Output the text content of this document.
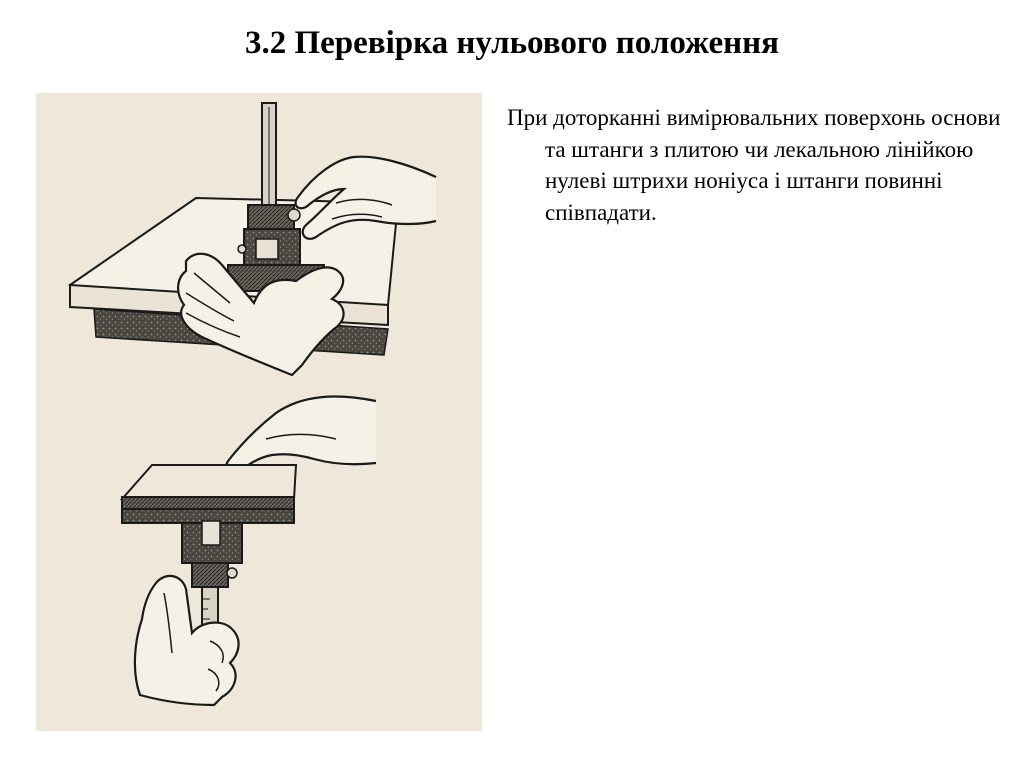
3.2 Перевірка нульового положення

При доторканні вимірювальних поверхонь основи та штанги з плитою чи лекальною лінійкою нулеві штрихи ноніуса і штанги повинні співпадати.
